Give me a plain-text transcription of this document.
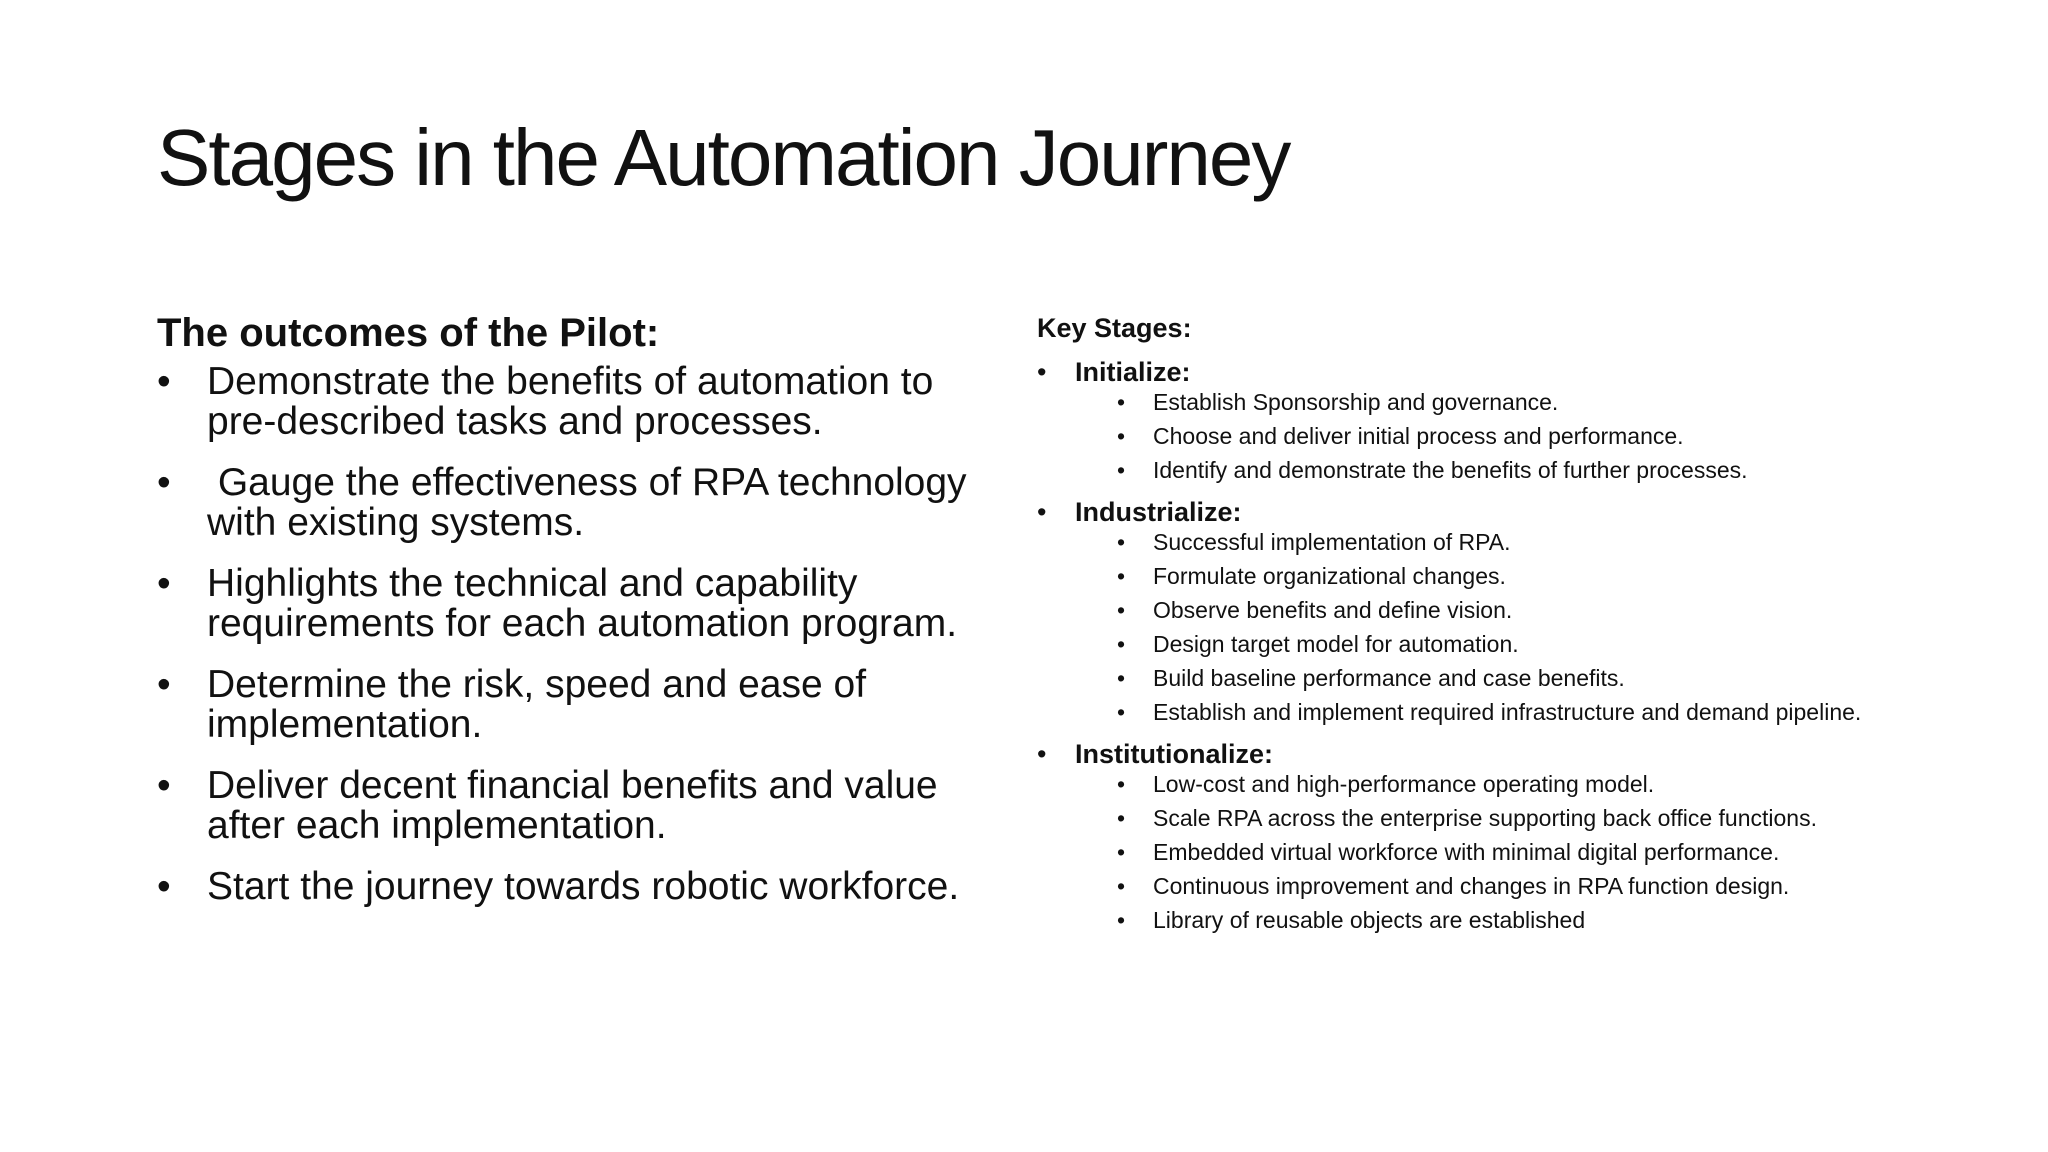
Stages in the Automation Journey
The outcomes of the Pilot:
• Demonstrate the benefits of automation to pre-described tasks and processes.
• Gauge the effectiveness of RPA technology with existing systems.
• Highlights the technical and capability requirements for each automation program.
• Determine the risk, speed and ease of implementation.
• Deliver decent financial benefits and value after each implementation.
• Start the journey towards robotic workforce.
Key Stages:
• Initialize:
• Establish Sponsorship and governance.
• Choose and deliver initial process and performance.
• Identify and demonstrate the benefits of further processes.
• Industrialize:
• Successful implementation of RPA.
• Formulate organizational changes.
• Observe benefits and define vision.
• Design target model for automation.
• Build baseline performance and case benefits.
• Establish and implement required infrastructure and demand pipeline.
• Institutionalize:
• Low-cost and high-performance operating model.
• Scale RPA across the enterprise supporting back office functions.
• Embedded virtual workforce with minimal digital performance.
• Continuous improvement and changes in RPA function design.
• Library of reusable objects are established
